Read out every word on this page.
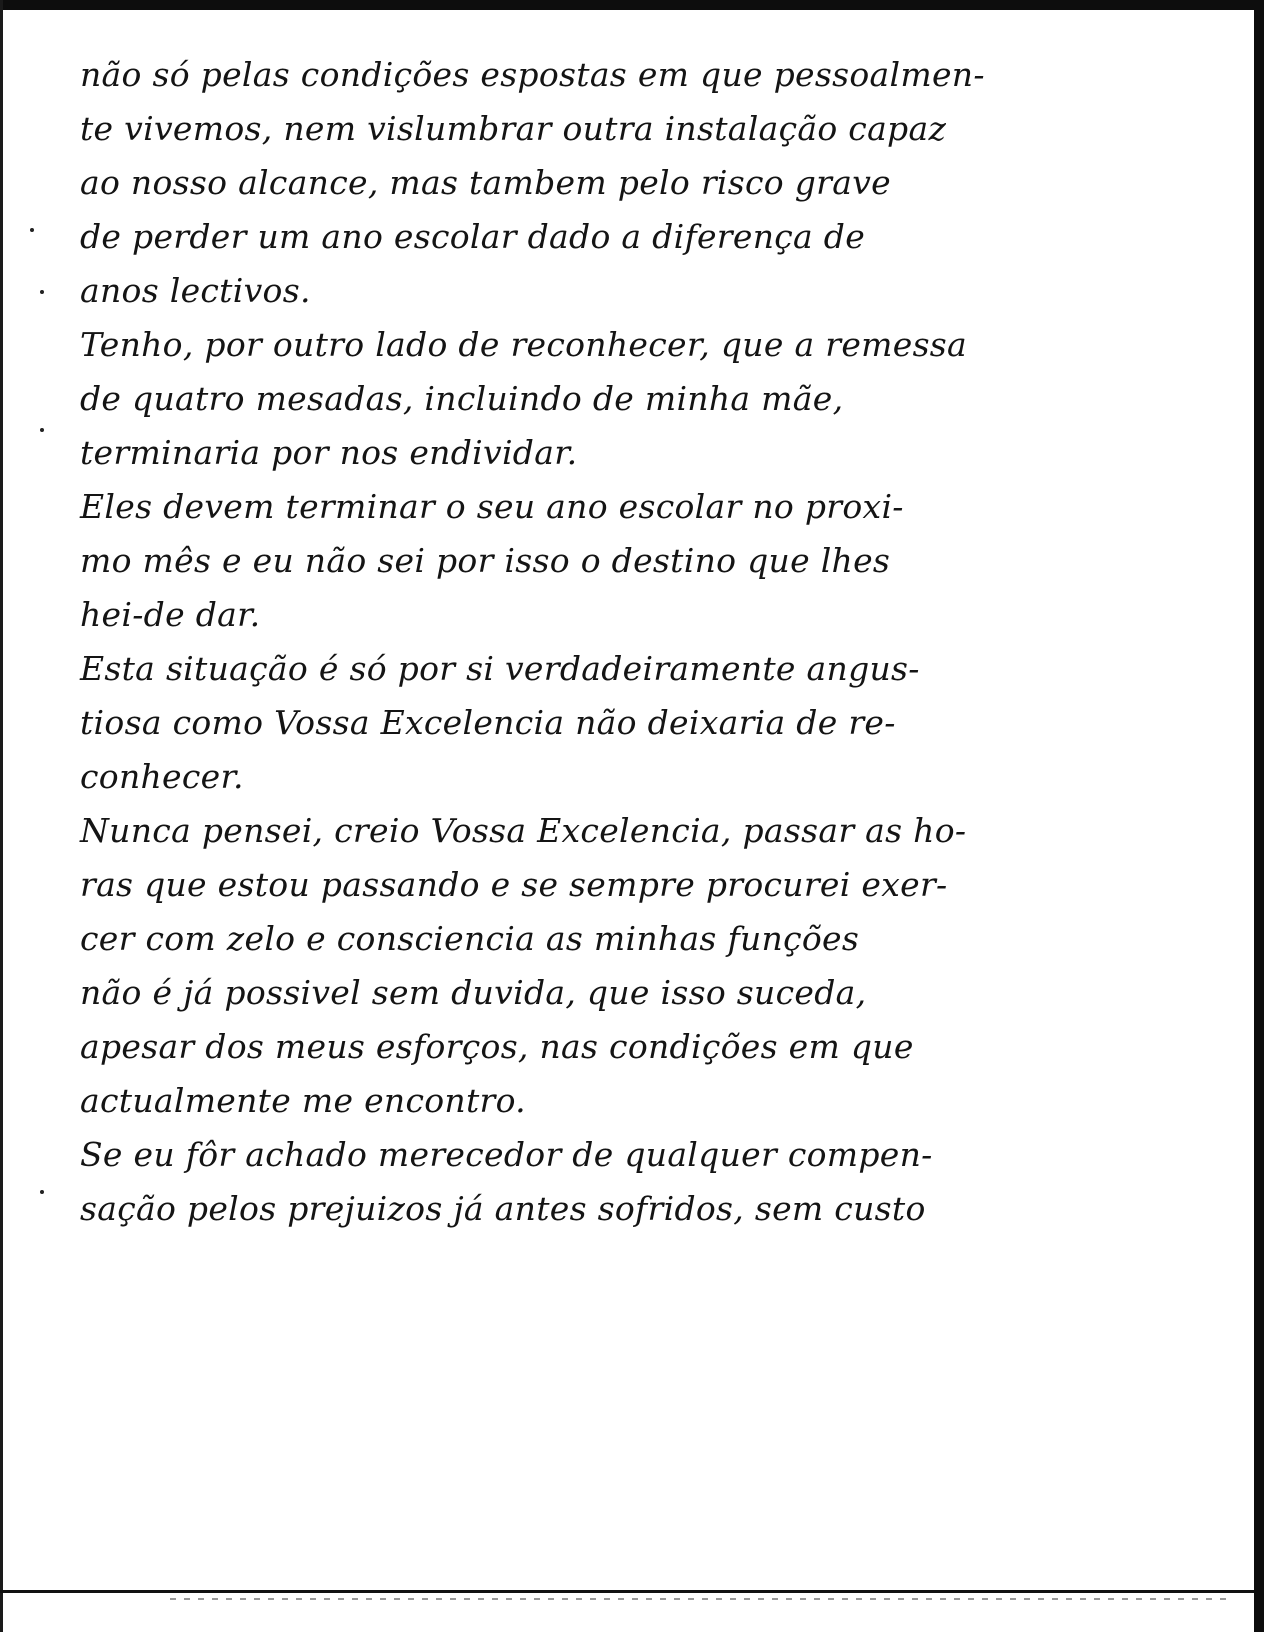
não só pelas condições espostas em que pessoalmen-
te vivemos, nem vislumbrar outra instalação capaz
ao nosso alcance, mas tambem pelo risco grave
de perder um ano escolar dado a diferença de
anos lectivos.
Tenho, por outro lado de reconhecer, que a remessa
de quatro mesadas, incluindo de minha mãe,
terminaria por nos endividar.
Eles devem terminar o seu ano escolar no proxi-
mo mês e eu não sei por isso o destino que lhes
hei-de dar.
Esta situação é só por si verdadeiramente angus-
tiosa como Vossa Excelencia não deixaria de re-
conhecer.
Nunca pensei, creio Vossa Excelencia, passar as ho-
ras que estou passando e se sempre procurei exer-
cer com zelo e consciencia as minhas funções
não é já possivel sem duvida, que isso suceda,
apesar dos meus esforços, nas condições em que
actualmente me encontro.
Se eu fôr achado merecedor de qualquer compen-
sação pelos prejuizos já antes sofridos, sem custo
